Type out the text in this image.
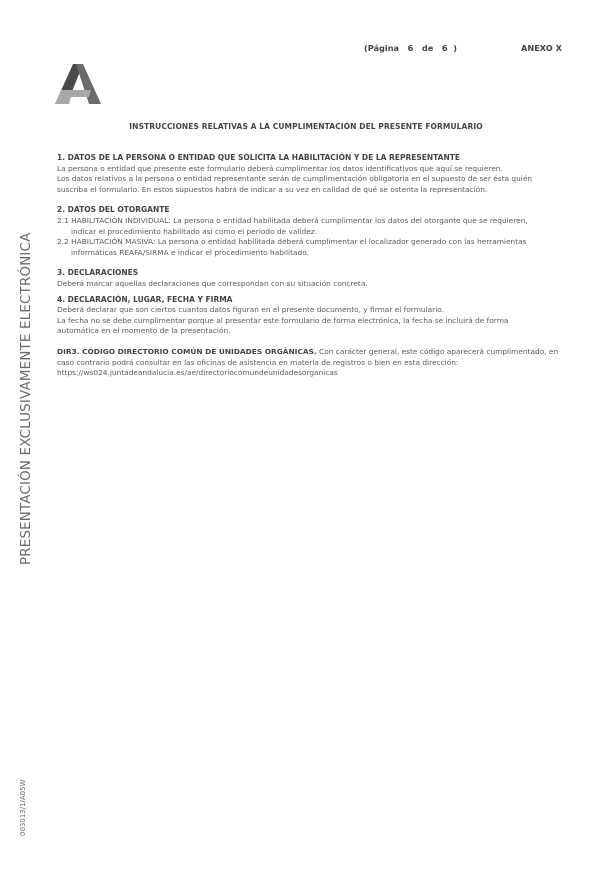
(Página   6   de   6  )	ANEXO X
PRESENTACIÓN EXCLUSIVAMENTE ELECTRÓNICA
003013/1/A05W
INSTRUCCIONES RELATIVAS A LA CUMPLIMENTACIÓN DEL PRESENTE FORMULARIO
1. DATOS DE LA PERSONA O ENTIDAD QUE SOLICITA LA HABILITACIÓN Y DE LA REPRESENTANTE
La persona o entidad que presente este formulario deberá cumplimentar los datos identificativos que aquí se requieren.
Los datos relativos a la persona o entidad representante serán de cumplimentación obligatoria en el supuesto de ser ésta quién
suscriba el formulario. En estos supuestos habrá de indicar a su vez en calidad de qué se ostenta la representación.
2. DATOS DEL OTORGANTE
2.1 HABILITACIÓN INDIVIDUAL: La persona o entidad habilitada deberá cumplimentar los datos del otorgante que se requieren,
indicar el procedimiento habilitado así como el periodo de validez.
2.2 HABILITACIÓN MASIVA: La persona o entidad habilitada deberá cumplimentar el localizador generado con las herramientas
informáticas REAFA/SIRMA e indicar el procedimiento habilitado.
3. DECLARACIONES
Deberá marcar aquellas declaraciones que correspondan con su situación concreta.
4. DECLARACIÓN, LUGAR, FECHA Y FIRMA
Deberá declarar que son ciertos cuantos datos figuran en el presente documento, y firmar el formulario.
La fecha no se debe cumplimentar porque al presentar este formulario de forma electrónica, la fecha se incluirá de forma
automática en el momento de la presentación.
DIR3. CÓDIGO DIRECTORIO COMÚN DE UNIDADES ORGÁNICAS. Con carácter general, este código aparecerá cumplimentado, en
caso contrario podrá consultar en las oficinas de asistencia en materia de registros o bien en esta dirección:
https://ws024.juntadeandalucia.es/ae/directoriocomundeunidadesorganicas
